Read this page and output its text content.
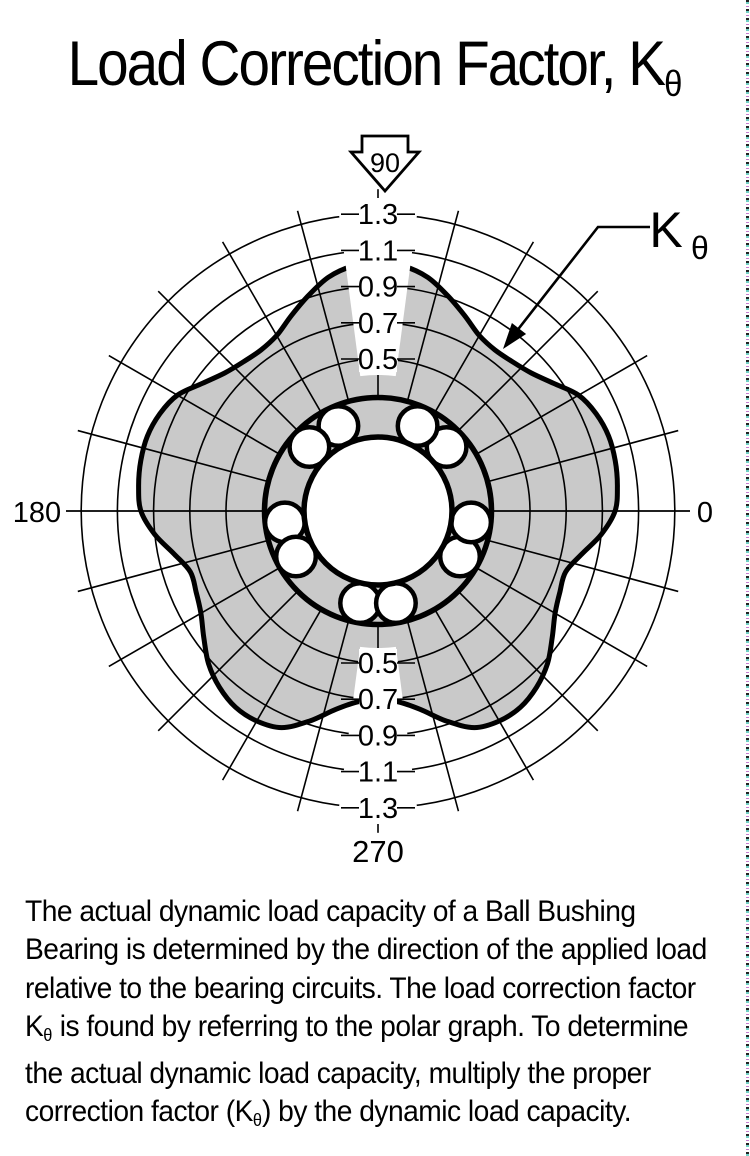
Load Correction Factor, $K_\theta$
0.5
0.5
0.7
0.7
0.9
0.9
1.1
1.1
1.3
1.3
180	0
270
90
K θ
The actual dynamic load capacity of a Ball Bushing
Bearing is determined by the direction of the applied load
relative to the bearing circuits. The load correction factor
$K_\theta$ is found by referring to the polar graph. To determine
the actual dynamic load capacity, multiply the proper
correction factor $(K_\theta)$ by the dynamic load capacity.
